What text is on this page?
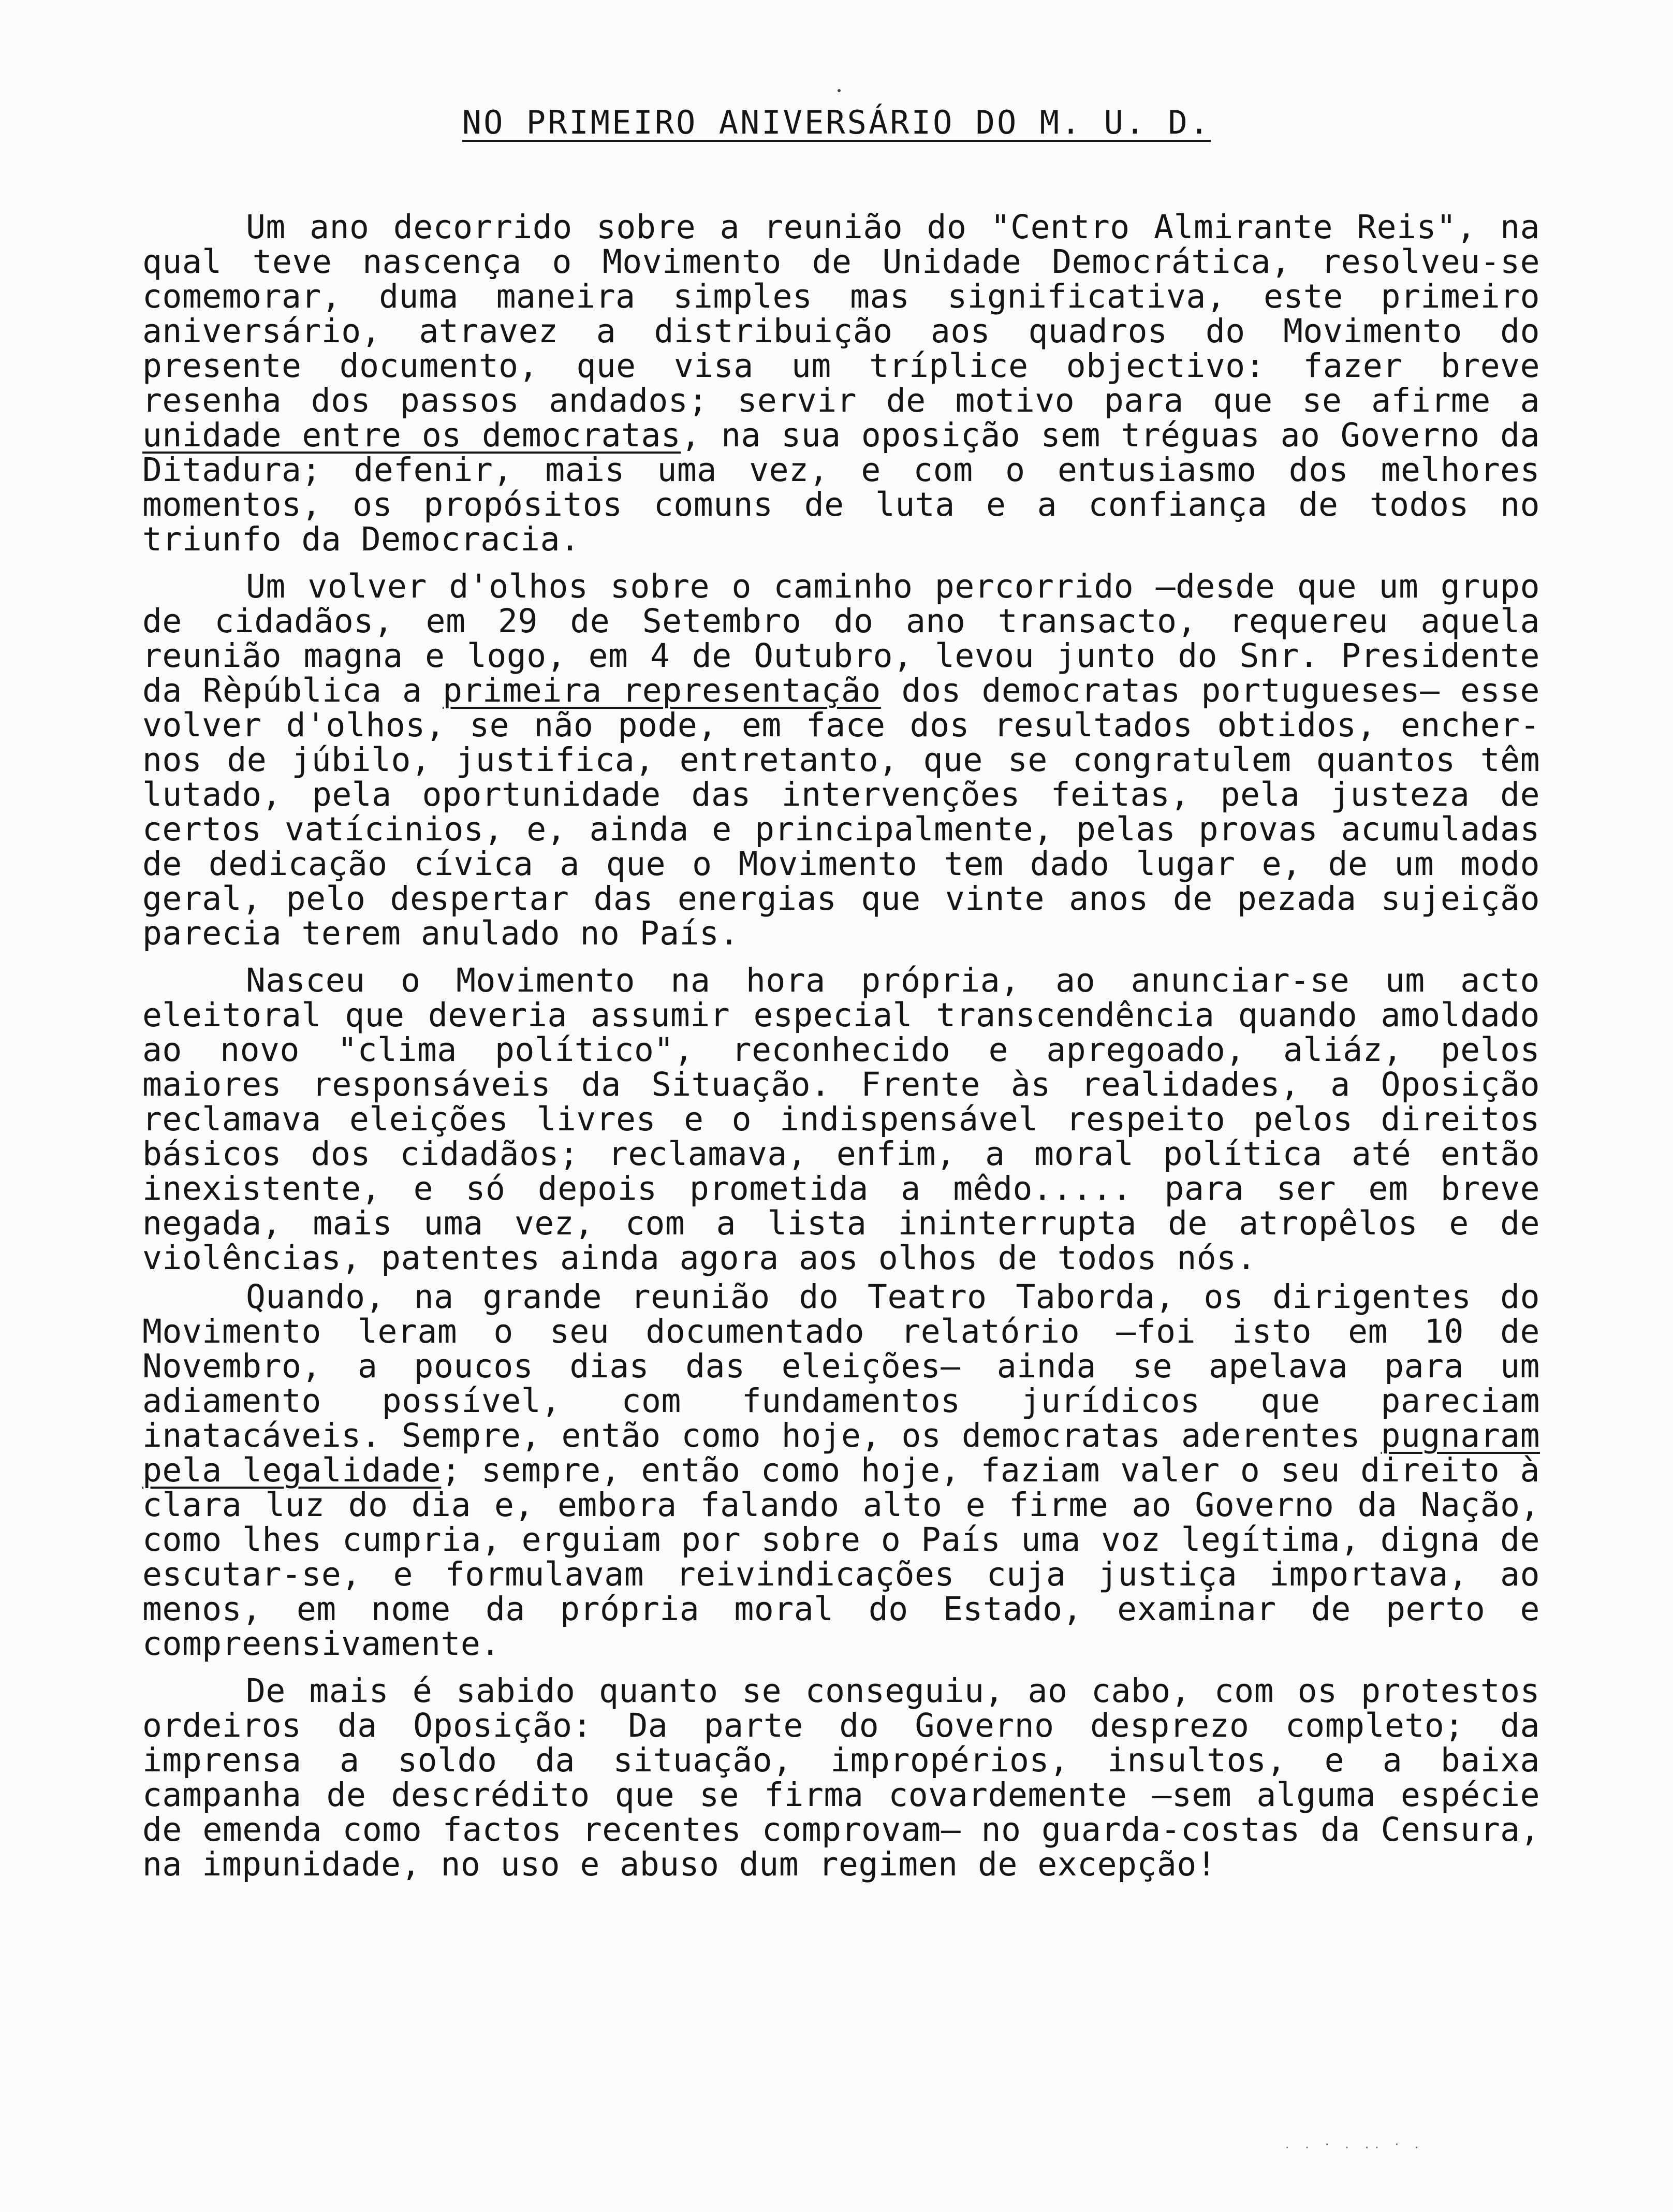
NO PRIMEIRO ANIVERSÁRIO DO M. U. D.
Um ano decorrido sobre a reunião do "Centro Almirante Reis", na qual teve nascença o Movimento de Unidade Democrática, resolveu-se comemorar, duma maneira simples mas significativa, este primeiro aniversário, atravez a distribuição aos quadros do Movimento do presente documento, que visa um tríplice objectivo: fazer breve resenha dos passos andados; servir de motivo para que se afirme a unidade entre os democratas, na sua oposição sem tréguas ao Governo da Ditadura; defenir, mais uma vez, e com o entusiasmo dos melhores momentos, os propósitos comuns de luta e a confiança de todos no triunfo da Democracia.
Um volver d'olhos sobre o caminho percorrido —desde que um grupo de cidadãos, em 29 de Setembro do ano transacto, requereu aquela reunião magna e logo, em 4 de Outubro, levou junto do Snr. Presidente da Rèpública a primeira representação dos democratas portugueses— esse volver d'olhos, se não pode, em face dos resultados obtidos, encher-nos de júbilo, justifica, entretanto, que se congratulem quantos têm lutado, pela oportunidade das intervenções feitas, pela justeza de certos vatícinios, e, ainda e principalmente, pelas provas acumuladas de dedicação cívica a que o Movimento tem dado lugar e, de um modo geral, pelo despertar das energias que vinte anos de pezada sujeição parecia terem anulado no País.
Nasceu o Movimento na hora própria, ao anunciar-se um acto eleitoral que deveria assumir especial transcendência quando amoldado ao novo "clima político", reconhecido e apregoado, aliáz, pelos maiores responsáveis da Situação. Frente às realidades, a Oposição reclamava eleições livres e o indispensável respeito pelos direitos básicos dos cidadãos; reclamava, enfim, a moral política até então inexistente, e só depois prometida a mêdo..... para ser em breve negada, mais uma vez, com a lista ininterrupta de atropêlos e de violências, patentes ainda agora aos olhos de todos nós.
Quando, na grande reunião do Teatro Taborda, os dirigentes do Movimento leram o seu documentado relatório —foi isto em 10 de Novembro, a poucos dias das eleições— ainda se apelava para um adiamento possível, com fundamentos jurídicos que pareciam inatacáveis. Sempre, então como hoje, os democratas aderentes pugnaram pela legalidade; sempre, então como hoje, faziam valer o seu direito à clara luz do dia e, embora falando alto e firme ao Governo da Nação, como lhes cumpria, erguiam por sobre o País uma voz legítima, digna de escutar-se, e formulavam reivindicações cuja justiça importava, ao menos, em nome da própria moral do Estado, examinar de perto e compreensivamente.
De mais é sabido quanto se conseguiu, ao cabo, com os protestos ordeiros da Oposição: Da parte do Governo desprezo completo; da imprensa a soldo da situação, impropérios, insultos, e a baixa campanha de descrédito que se firma covardemente —sem alguma espécie de emenda como factos recentes comprovam— no guarda-costas da Censura, na impunidade, no uso e abuso dum regimen de excepção!
. . · . .. · .
